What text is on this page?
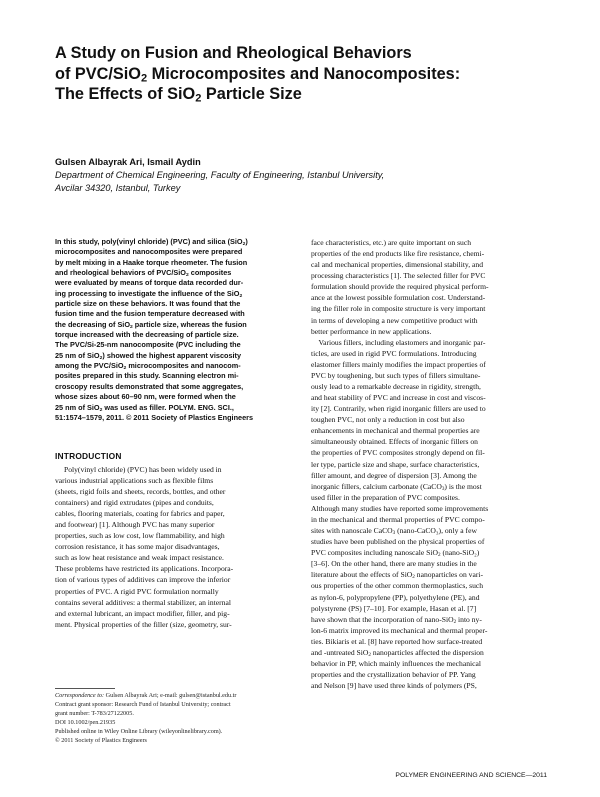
A Study on Fusion and Rheological Behaviors
of PVC/SiO$_2$ Microcomposites and Nanocomposites:
The Effects of SiO$_2$ Particle Size
Gulsen Albayrak Ari, Ismail Aydin
Department of Chemical Engineering, Faculty of Engineering, Istanbul University,
Avcilar 34320, Istanbul, Turkey
In this study, poly(vinyl chloride) (PVC) and silica (SiO$_2$)
microcomposites and nanocomposites were prepared
by melt mixing in a Haake torque rheometer. The fusion
and rheological behaviors of PVC/SiO$_2$ composites
were evaluated by means of torque data recorded dur-
ing processing to investigate the influence of the SiO$_2$
particle size on these behaviors. It was found that the
fusion time and the fusion temperature decreased with
the decreasing of SiO$_2$ particle size, whereas the fusion
torque increased with the decreasing of particle size.
The PVC/Si-25-nm nanocomposite (PVC including the
25 nm of SiO$_2$) showed the highest apparent viscosity
among the PVC/SiO$_2$ microcomposites and nanocom-
posites prepared in this study. Scanning electron mi-
croscopy results demonstrated that some aggregates,
whose sizes about 60–90 nm, were formed when the
25 nm of SiO$_2$ was used as filler. POLYM. ENG. SCI.,
51:1574–1579, 2011. © 2011 Society of Plastics Engineers
INTRODUCTION
Poly(vinyl chloride) (PVC) has been widely used in
various industrial applications such as flexible films
(sheets, rigid foils and sheets, records, bottles, and other
containers) and rigid extrudates (pipes and conduits,
cables, flooring materials, coating for fabrics and paper,
and footwear) [1]. Although PVC has many superior
properties, such as low cost, low flammability, and high
corrosion resistance, it has some major disadvantages,
such as low heat resistance and weak impact resistance.
These problems have restricted its applications. Incorpora-
tion of various types of additives can improve the inferior
properties of PVC. A rigid PVC formulation normally
contains several additives: a thermal stabilizer, an internal
and external lubricant, an impact modifier, filler, and pig-
ment. Physical properties of the filler (size, geometry, sur-
Correspondence to: Gulsen Albayrak Ari; e-mail: gulsen@istanbul.edu.tr
Contract grant sponsor: Research Fund of Istanbul University; contract
grant number: T-783/27122005.
DOI 10.1002/pen.21935
Published online in Wiley Online Library (wileyonlinelibrary.com).
© 2011 Society of Plastics Engineers
face characteristics, etc.) are quite important on such
properties of the end products like fire resistance, chemi-
cal and mechanical properties, dimensional stability, and
processing characteristics [1]. The selected filler for PVC
formulation should provide the required physical perform-
ance at the lowest possible formulation cost. Understand-
ing the filler role in composite structure is very important
in terms of developing a new competitive product with
better performance in new applications.
Various fillers, including elastomers and inorganic par-
ticles, are used in rigid PVC formulations. Introducing
elastomer fillers mainly modifies the impact properties of
PVC by toughening, but such types of fillers simultane-
ously lead to a remarkable decrease in rigidity, strength,
and heat stability of PVC and increase in cost and viscos-
ity [2]. Contrarily, when rigid inorganic fillers are used to
toughen PVC, not only a reduction in cost but also
enhancements in mechanical and thermal properties are
simultaneously obtained. Effects of inorganic fillers on
the properties of PVC composites strongly depend on fil-
ler type, particle size and shape, surface characteristics,
filler amount, and degree of dispersion [3]. Among the
inorganic fillers, calcium carbonate (CaCO$_3$) is the most
used filler in the preparation of PVC composites.
Although many studies have reported some improvements
in the mechanical and thermal properties of PVC compo-
sites with nanoscale CaCO$_3$ (nano-CaCO₃), only a few
studies have been published on the physical properties of
PVC composites including nanoscale SiO$_2$ (nano-SiO₂)
[3–6]. On the other hand, there are many studies in the
literature about the effects of SiO$_2$ nanoparticles on vari-
ous properties of the other common thermoplastics, such
as nylon-6, polypropylene (PP), polyethylene (PE), and
polystyrene (PS) [7–10]. For example, Hasan et al. [7]
have shown that the incorporation of nano-SiO$_2$ into ny-
lon-6 matrix improved its mechanical and thermal proper-
ties. Bikiaris et al. [8] have reported how surface-treated
and -untreated SiO$_2$ nanoparticles affected the dispersion
behavior in PP, which mainly influences the mechanical
properties and the crystallization behavior of PP. Yang
and Nelson [9] have used three kinds of polymers (PS,
POLYMER ENGINEERING AND SCIENCE—2011
